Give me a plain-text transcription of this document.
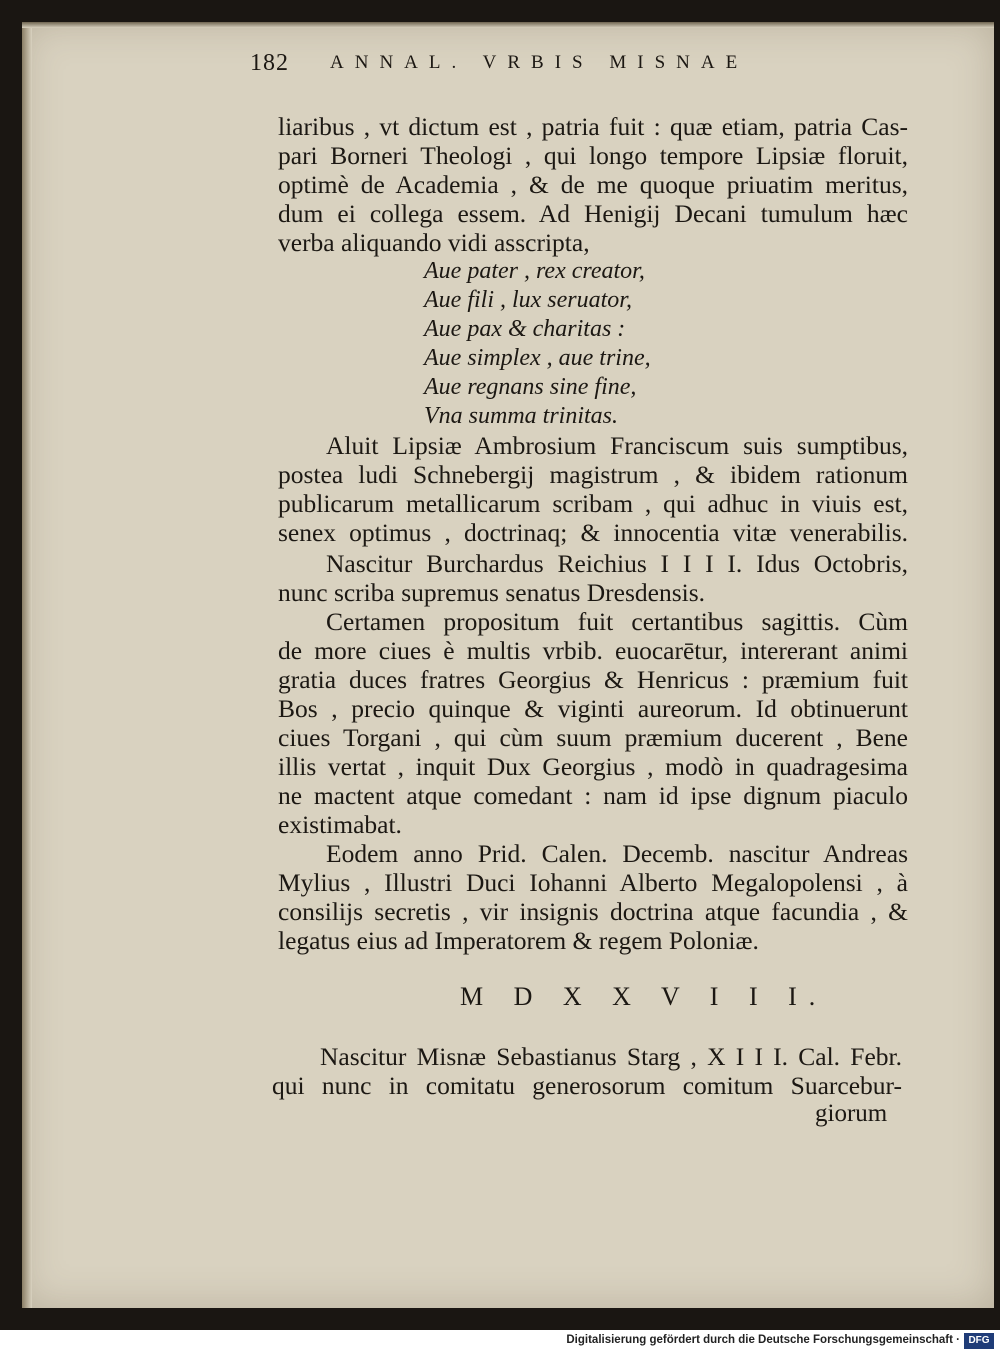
182 ANNAL. VRBIS MISNAE
liaribus , vt dictum est , patria fuit : quæ etiam, patria Cas-
pari Borneri Theologi , qui longo tempore Lipsiæ floruit,
optimè de Academia , & de me quoque priuatim meritus,
dum ei collega essem. Ad Henigij Decani tumulum hæc
verba aliquando vidi asscripta,
Aue pater , rex creator,
Aue fili , lux seruator,
Aue pax & charitas :
Aue simplex , aue trine,
Aue regnans sine fine,
Vna summa trinitas.
Aluit Lipsiæ Ambrosium Franciscum suis sumptibus,
postea ludi Schnebergij magistrum , & ibidem rationum
publicarum metallicarum scribam , qui adhuc in viuis est,
senex optimus , doctrinaq; & innocentia vitæ venerabilis.
Nascitur Burchardus Reichius I I I I. Idus Octobris,
nunc scriba supremus senatus Dresdensis.
Certamen propositum fuit certantibus sagittis. Cùm
de more ciues è multis vrbib. euocarētur, intererant animi
gratia duces fratres Georgius & Henricus : præmium fuit
Bos , precio quinque & viginti aureorum. Id obtinuerunt
ciues Torgani , qui cùm suum præmium ducerent , Bene
illis vertat , inquit Dux Georgius , modò in quadragesima
ne mactent atque comedant : nam id ipse dignum piaculo
existimabat.
Eodem anno Prid. Calen. Decemb. nascitur Andreas
Mylius , Illustri Duci Iohanni Alberto Megalopolensi , à
consilijs secretis , vir insignis doctrina atque facundia , &
legatus eius ad Imperatorem & regem Poloniæ.
M D X X V I I I.
Nascitur Misnæ Sebastianus Starg , X I I I. Cal. Febr.
qui nunc in comitatu generosorum comitum Suarcebur-
giorum
Digitalisierung gefördert durch die Deutsche Forschungsgemeinschaft · DFG
